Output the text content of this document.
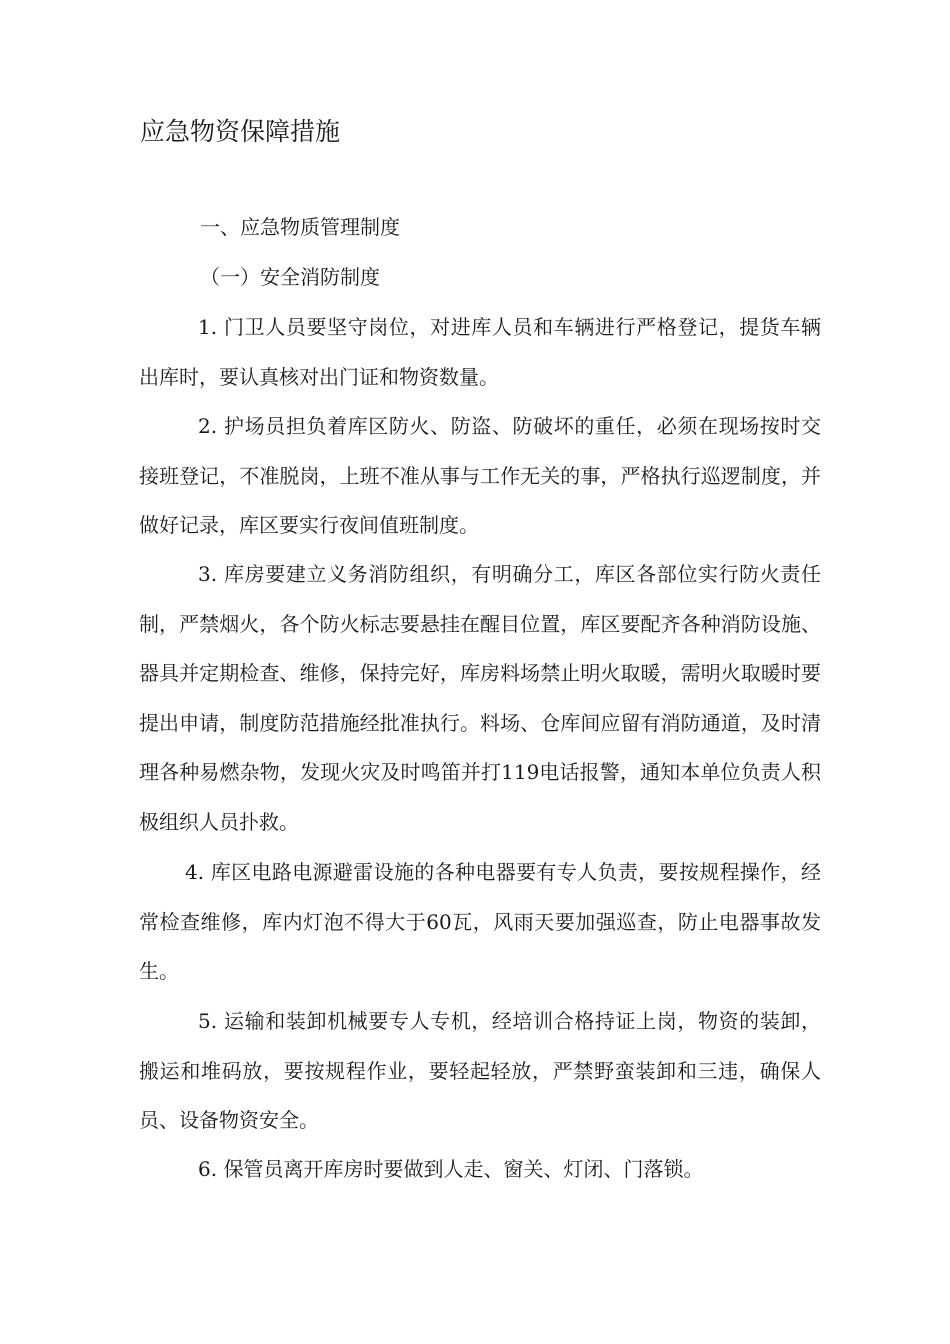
应急物资保障措施

一、应急物质管理制度

（一）安全消防制度

1. 门卫人员要坚守岗位，对进库人员和车辆进行严格登记，提货车辆出库时，要认真核对出门证和物资数量。

2. 护场员担负着库区防火、防盗、防破坏的重任，必须在现场按时交接班登记，不准脱岗，上班不准从事与工作无关的事，严格执行巡逻制度，并做好记录，库区要实行夜间值班制度。

3. 库房要建立义务消防组织，有明确分工，库区各部位实行防火责任制，严禁烟火，各个防火标志要悬挂在醒目位置，库区要配齐各种消防设施、器具并定期检查、维修，保持完好，库房料场禁止明火取暖，需明火取暖时要提出申请，制度防范措施经批准执行。料场、仓库间应留有消防通道，及时清理各种易燃杂物，发现火灾及时鸣笛并打119电话报警，通知本单位负责人积极组织人员扑救。

4. 库区电路电源避雷设施的各种电器要有专人负责，要按规程操作，经常检查维修，库内灯泡不得大于60瓦，风雨天要加强巡查，防止电器事故发生。

5. 运输和装卸机械要专人专机，经培训合格持证上岗，物资的装卸，搬运和堆码放，要按规程作业，要轻起轻放，严禁野蛮装卸和三违，确保人员、设备物资安全。

6. 保管员离开库房时要做到人走、窗关、灯闭、门落锁。
